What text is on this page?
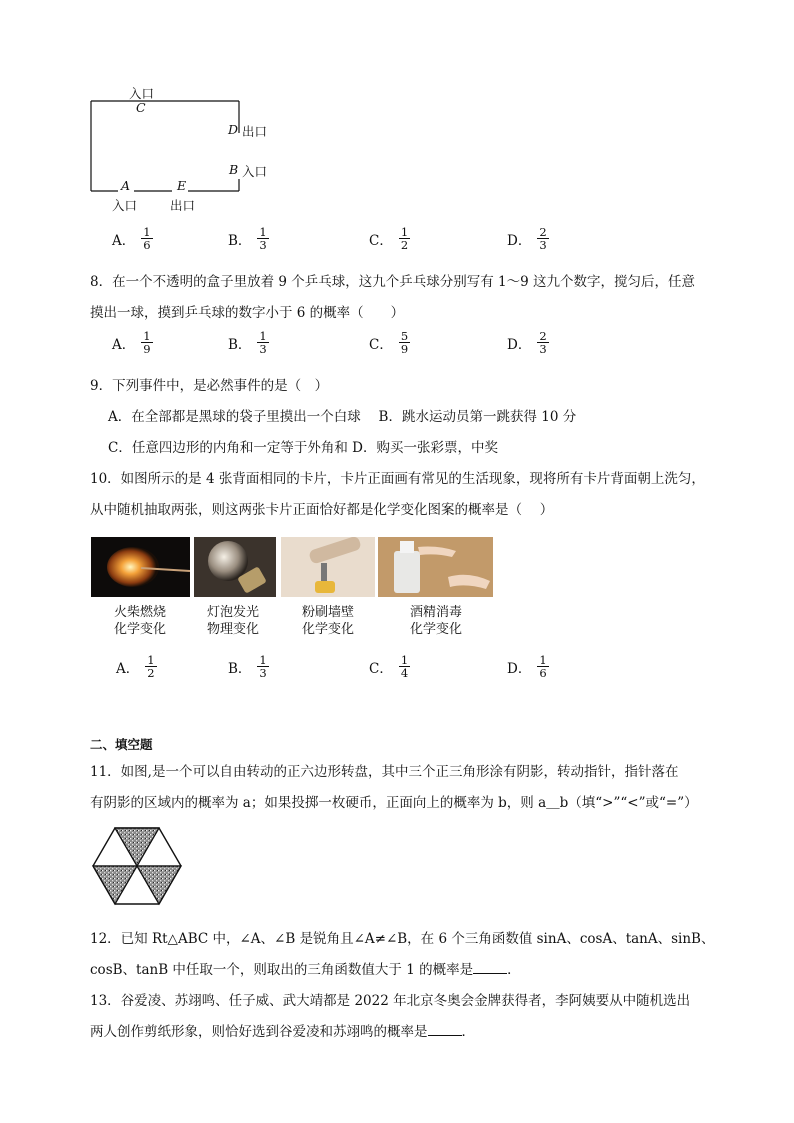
入口
C
D 出口
B 入口
A	E
入口	出口
A． $\frac{1}{6}$	B． $\frac{1}{3}$	C． $\frac{1}{2}$	D． $\frac{2}{3}$
8．在一个不透明的盒子里放着 9 个乒乓球，这九个乒乓球分别写有 1～9 这九个数字，搅匀后，任意
摸出一球，摸到乒乓球的数字小于 6 的概率（　　）
A． $\frac{1}{9}$	B． $\frac{1}{3}$	C． $\frac{5}{9}$	D． $\frac{2}{3}$
9．下列事件中，是必然事件的是（　）
A．在全部都是黑球的袋子里摸出一个白球　 B．跳水运动员第一跳获得 10 分
C．任意四边形的内角和一定等于外角和 D．购买一张彩票，中奖
10．如图所示的是 4 张背面相同的卡片，卡片正面画有常见的生活现象，现将所有卡片背面朝上洗匀，
从中随机抽取两张，则这两张卡片正面恰好都是化学变化图案的概率是（　 ）
火柴燃烧
化学变化
灯泡发光
物理变化
粉刷墙壁
化学变化
酒精消毒
化学变化
A． $\frac{1}{2}$	B． $\frac{1}{3}$	C． $\frac{1}{4}$	D． $\frac{1}{6}$
二、填空题
11．如图,是一个可以自由转动的正六边形转盘，其中三个正三角形涂有阴影，转动指针，指针落在
有阴影的区域内的概率为 a；如果投掷一枚硬币，正面向上的概率为 b，则 a＿b（填“>”“<”或“=”）
12．已知 Rt△ABC 中，∠A、∠B 是锐角且∠A≠∠B，在 6 个三角函数值 sinA、cosA、tanA、sinB、
cosB、tanB 中任取一个，则取出的三角函数值大于 1 的概率是	．
13．谷爱凌、苏翊鸣、任子威、武大靖都是 2022 年北京冬奥会金牌获得者，李阿姨要从中随机选出
两人创作剪纸形象，则恰好选到谷爱凌和苏翊鸣的概率是	．
